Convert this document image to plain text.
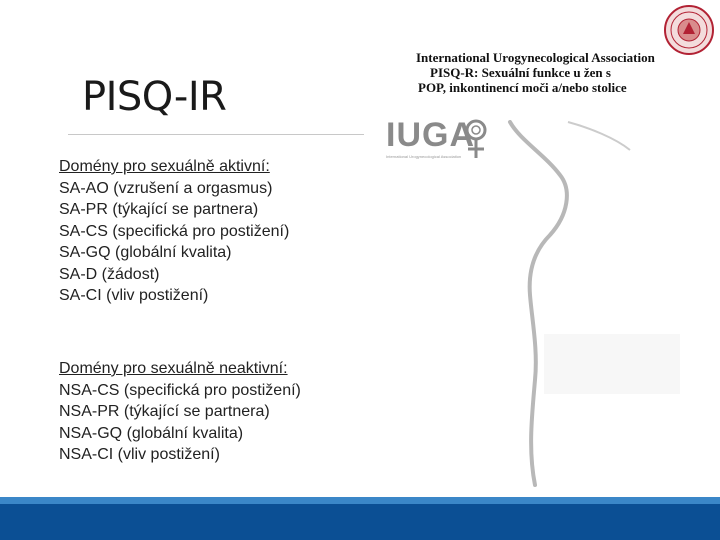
PISQ-IR
Domény pro sexuálně aktivní:
SA-AO (vzrušení a orgasmus)
SA-PR (týkající se partnera)
SA-CS (specifická pro postižení)
SA-GQ (globální kvalita)
SA-D (žádost)
SA-CI (vliv postižení)
Domény pro sexuálně neaktivní:
NSA-CS (specifická pro postižení)
NSA-PR (týkající se partnera)
NSA-GQ (globální kvalita)
NSA-CI (vliv postižení)
International Urogynecological Association
PISQ-R: Sexuální funkce u žen s
POP, inkontinencí moči a/nebo stolice
IUGA
International Urogynecological Association
